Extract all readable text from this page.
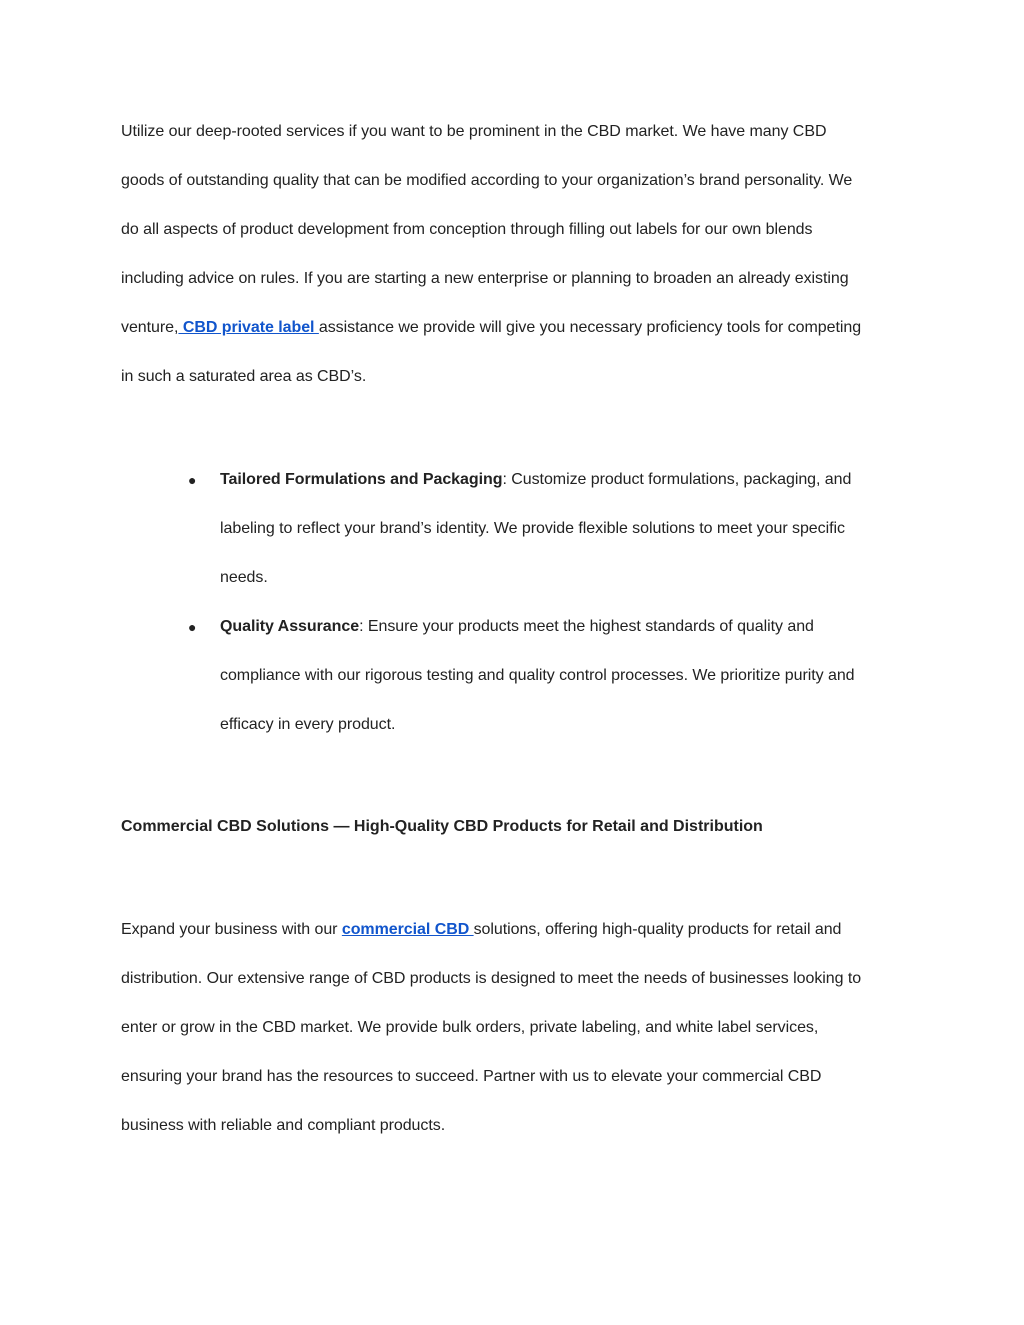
Utilize our deep-rooted services if you want to be prominent in the CBD market. We have many CBD
goods of outstanding quality that can be modified according to your organization’s brand personality. We
do all aspects of product development from conception through filling out labels for our own blends
including advice on rules. If you are starting a new enterprise or planning to broaden an already existing
venture, CBD private label assistance we provide will give you necessary proficiency tools for competing
in such a saturated area as CBD’s.
● Tailored Formulations and Packaging: Customize product formulations, packaging, and
labeling to reflect your brand’s identity. We provide flexible solutions to meet your specific
needs.
● Quality Assurance: Ensure your products meet the highest standards of quality and
compliance with our rigorous testing and quality control processes. We prioritize purity and
efficacy in every product.
Commercial CBD Solutions — High-Quality CBD Products for Retail and Distribution
Expand your business with our commercial CBD solutions, offering high-quality products for retail and
distribution. Our extensive range of CBD products is designed to meet the needs of businesses looking to
enter or grow in the CBD market. We provide bulk orders, private labeling, and white label services,
ensuring your brand has the resources to succeed. Partner with us to elevate your commercial CBD
business with reliable and compliant products.
